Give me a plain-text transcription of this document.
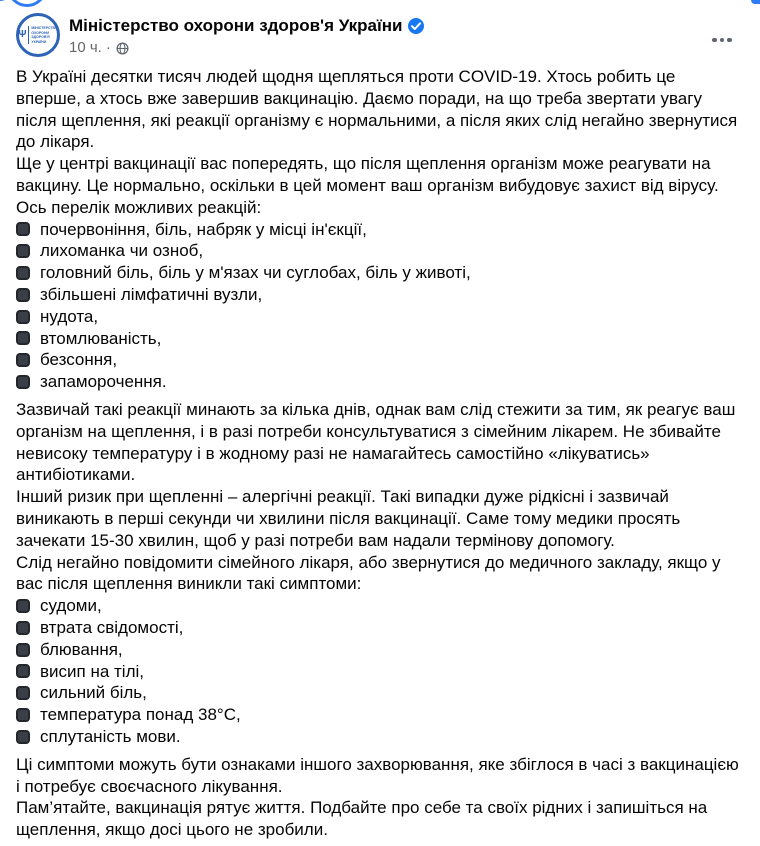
Ψ
МІНІСТЕРСТВО
ОХОРОНИ
ЗДОРОВ'Я
УКРАЇНИ
Міністерство охорони здоров'я України
10 ч. ·

В Україні десятки тисяч людей щодня щепляться проти COVID-19. Хтось робить це вперше, а хтось вже завершив вакцинацію. Даємо поради, на що треба звертати увагу після щеплення, які реакції організму є нормальними, а після яких слід негайно звернутися до лікаря.

Ще у центрі вакцинації вас попередять, що після щеплення організм може реагувати на вакцину. Це нормально, оскільки в цей момент ваш організм вибудовує захист від вірусу.

Ось перелік можливих реакцій:

почервоніння, біль, набряк у місці ін'єкції,
лихоманка чи озноб,
головний біль, біль у м'язах чи суглобах, біль у животі,
збільшені лімфатичні вузли,
нудота,
втомлюваність,
безсоння,
запаморочення.

Зазвичай такі реакції минають за кілька днів, однак вам слід стежити за тим, як реагує ваш організм на щеплення, і в разі потреби консультуватися з сімейним лікарем. Не збивайте невисоку температуру і в жодному разі не намагайтесь самостійно «лікуватись» антибіотиками.

Інший ризик при щепленні – алергічні реакції. Такі випадки дуже рідкісні і зазвичай виникають в перші секунди чи хвилини після вакцинації. Саме тому медики просять зачекати 15-30 хвилин, щоб у разі потреби вам надали термінову допомогу.

Слід негайно повідомити сімейного лікаря, або звернутися до медичного закладу, якщо у вас після щеплення виникли такі симптоми:

судоми,
втрата свідомості,
блювання,
висип на тілі,
сильний біль,
температура понад 38°С,
сплутаність мови.

Ці симптоми можуть бути ознаками іншого захворювання, яке збіглося в часі з вакцинацією і потребує своєчасного лікування.

Пам’ятайте, вакцинація рятує життя. Подбайте про себе та своїх рідних і запишіться на щеплення, якщо досі цього не зробили.
